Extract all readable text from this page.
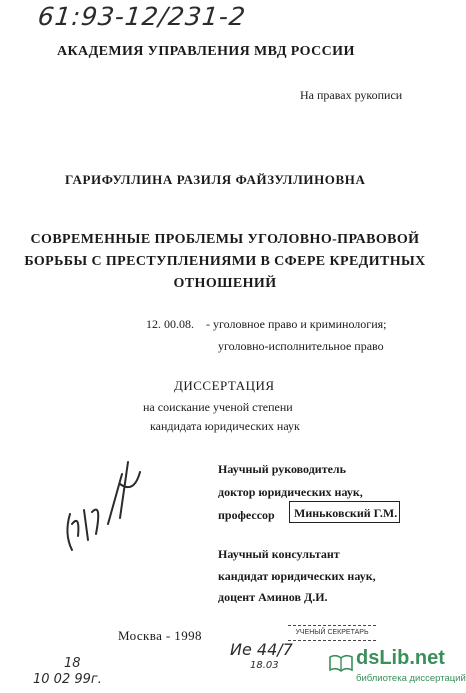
61:93-12/231-2
АКАДЕМИЯ УПРАВЛЕНИЯ МВД РОССИИ
На правах рукописи
ГАРИФУЛЛИНА РАЗИЛЯ ФАЙЗУЛЛИНОВНА
СОВРЕМЕННЫЕ ПРОБЛЕМЫ УГОЛОВНО-ПРАВОВОЙ
БОРЬБЫ С ПРЕСТУПЛЕНИЯМИ В СФЕРЕ КРЕДИТНЫХ
ОТНОШЕНИЙ
12. 00.08. - уголовное право и криминология;
уголовно-исполнительное право
ДИССЕРТАЦИЯ
на соискание ученой степени
кандидата юридических наук
Научный руководитель
доктор юридических наук,
профессор Миньковский Г.М.
Научный консультант
кандидат юридических наук,
доцент Аминов Д.И.
Москва - 1998	УЧЕНЫЙ СЕКРЕТАРЬ
18
10 02 99г.
Ие 44/7
18.03	dsLib.net
библиотека диссертаций
